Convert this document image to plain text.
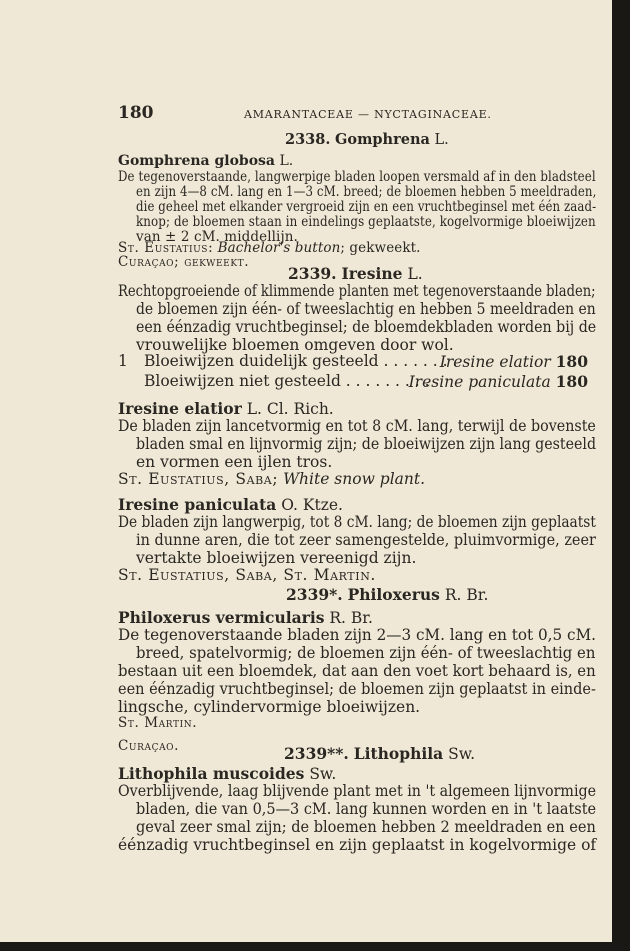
180	AMARANTACEAE — NYCTAGINACEAE.
2338. Gomphrena L.
Gomphrena globosa L.
De tegenoverstaande, langwerpige bladen loopen versmald af in den bladsteel
en zijn 4—8 cM. lang en 1—3 cM. breed; de bloemen hebben 5 meeldraden,
die geheel met elkander vergroeid zijn en een vruchtbeginsel met één zaad-
knop; de bloemen staan in eindelings geplaatste, kogelvormige bloeiwijzen
van ± 2 cM. middellijn.
St. Eustatius: Bachelor's button; gekweekt.
Curaçao; gekweekt.
2339. Iresine L.
Rechtopgroeiende of klimmende planten met tegenoverstaande bladen;
de bloemen zijn één- of tweeslachtig en hebben 5 meeldraden en
een éénzadig vruchtbeginsel; de bloemdekbladen worden bij de
vrouwelijke bloemen omgeven door wol.
1 Bloeiwijzen duidelijk gesteeld . . . . . . . .
Iresine elatior 180
Bloeiwijzen niet gesteeld . . . . . . . . .
Iresine paniculata 180
Iresine elatior L. Cl. Rich.
De bladen zijn lancetvormig en tot 8 cM. lang, terwijl de bovenste
bladen smal en lijnvormig zijn; de bloeiwijzen zijn lang gesteeld
en vormen een ijlen tros.
St. Eustatius, Saba; White snow plant.
Iresine paniculata O. Ktze.
De bladen zijn langwerpig, tot 8 cM. lang; de bloemen zijn geplaatst
in dunne aren, die tot zeer samengestelde, pluimvormige, zeer
vertakte bloeiwijzen vereenigd zijn.
St. Eustatius, Saba, St. Martin.
2339*. Philoxerus R. Br.
Philoxerus vermicularis R. Br.
De tegenoverstaande bladen zijn 2—3 cM. lang en tot 0,5 cM.
breed, spatelvormig; de bloemen zijn één- of tweeslachtig en
bestaan uit een bloemdek, dat aan den voet kort behaard is, en
een éénzadig vruchtbeginsel; de bloemen zijn geplaatst in einde-
lingsche, cylindervormige bloeiwijzen.
St. Martin.
Curaçao.	2339**. Lithophila Sw.
Lithophila muscoides Sw.
Overblijvende, laag blijvende plant met in 't algemeen lijnvormige
bladen, die van 0,5—3 cM. lang kunnen worden en in 't laatste
geval zeer smal zijn; de bloemen hebben 2 meeldraden en een
éénzadig vruchtbeginsel en zijn geplaatst in kogelvormige of
